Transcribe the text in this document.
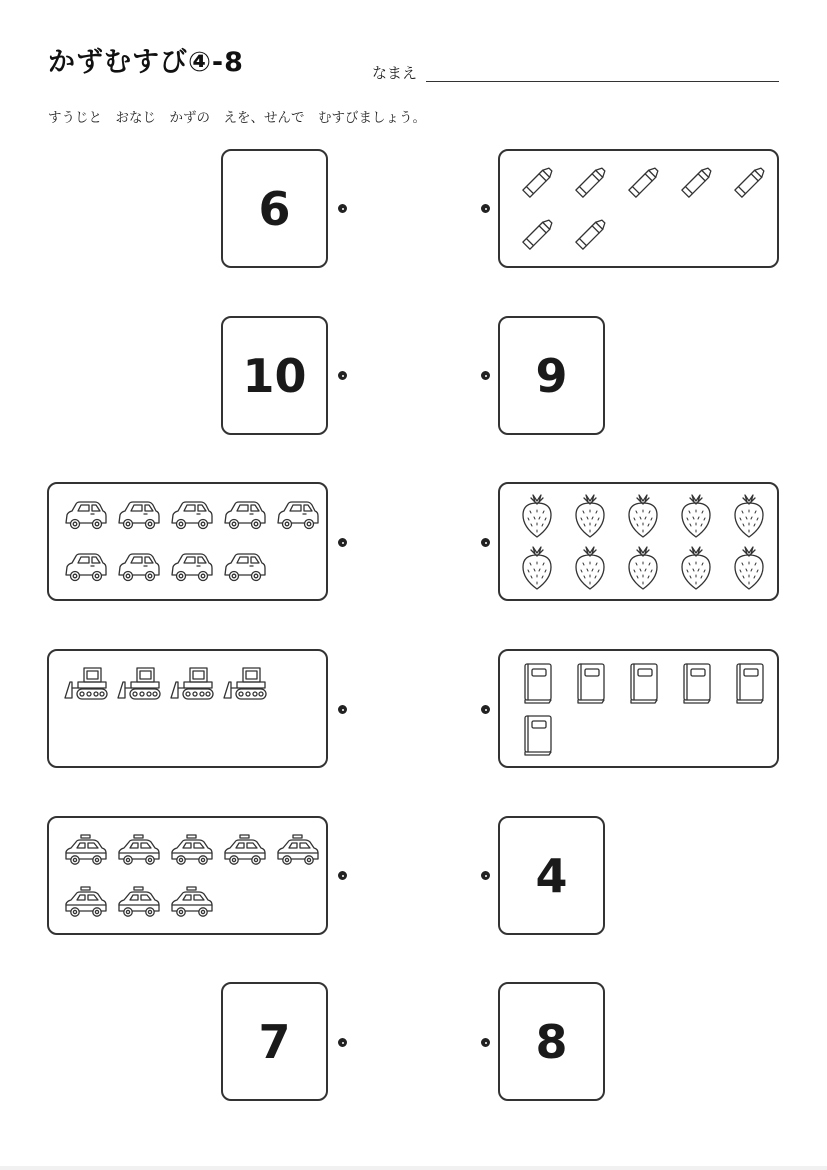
かずむすび④-8	なまえ
すうじと　おなじ　かずの　えを、せんで　むすびましょう。
6
10	9
4
7	8
